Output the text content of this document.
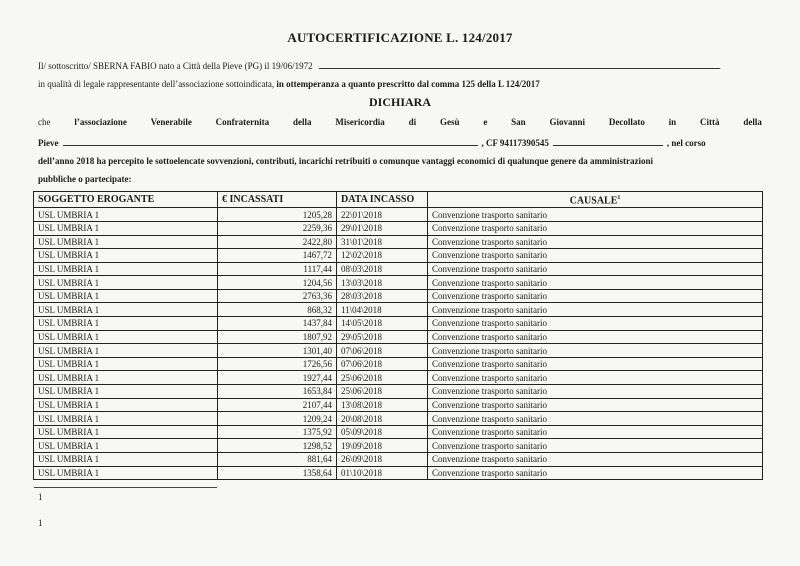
AUTOCERTIFICAZIONE L. 124/2017
Il/ sottoscritto/ SBERNA FABIO nato a Città della Pieve (PG) il 19/06/1972	.
in qualità di legale rappresentante dell’associazione sottoindicata, in ottemperanza a quanto prescritto dal comma 125 della L 124/2017
DICHIARA
che	l’associazione	Venerabile	Confraternita	della	Misericordia	di	Gesù	e	San	Giovanni	Decollato	in	Città	della
Pieve	, CF 94117390545	, nel corso
dell’anno 2018 ha percepito le sottoelencate sovvenzioni, contributi, incarichi retribuiti o comunque vantaggi economici di qualunque genere da amministrazioni
pubbliche o partecipate:
SOGGETTO EROGANTE	€ INCASSATI	DATA INCASSO	CAUSALE$^1$
USL UMBRIA 1	1205,28	22\01\2018	Convenzione trasporto sanitario
USL UMBRIA 1	2259,36	29\01\2018	Convenzione trasporto sanitario
USL UMBRIA 1	2422,80	31\01\2018	Convenzione trasporto sanitario
USL UMBRIA 1	1467,72	12\02\2018	Convenzione trasporto sanitario
USL UMBRIA 1	1117,44	08\03\2018	Convenzione trasporto sanitario
USL UMBRIA 1	1204,56	13\03\2018	Convenzione trasporto sanitario
USL UMBRIA 1	2763,36	28\03\2018	Convenzione trasporto sanitario
USL UMBRIA 1	868,32	11\04\2018	Convenzione trasporto sanitario
USL UMBRIA 1	1437,84	14\05\2018	Convenzione trasporto sanitario
USL UMBRIA 1	1807,92	29\05\2018	Convenzione trasporto sanitario
USL UMBRIA 1	1301,40	07\06\2018	Convenzione trasporto sanitario
USL UMBRIA 1	1726,56	07\06\2018	Convenzione trasporto sanitario
USL UMBRIA 1	1927,44	25\06\2018	Convenzione trasporto sanitario
USL UMBRIA 1	1653,84	25\06\2018	Convenzione trasporto sanitario
USL UMBRIA 1	2107,44	13\08\2018	Convenzione trasporto sanitario
USL UMBRIA 1	1209,24	20\08\2018	Convenzione trasporto sanitario
USL UMBRIA 1	1375,92	05\09\2018	Convenzione trasporto sanitario
USL UMBRIA 1	1298,52	19\09\2018	Convenzione trasporto sanitario
USL UMBRIA 1	881,64	26\09\2018	Convenzione trasporto sanitario
USL UMBRIA 1	1358,64	01\10\2018	Convenzione trasporto sanitario
1
1
